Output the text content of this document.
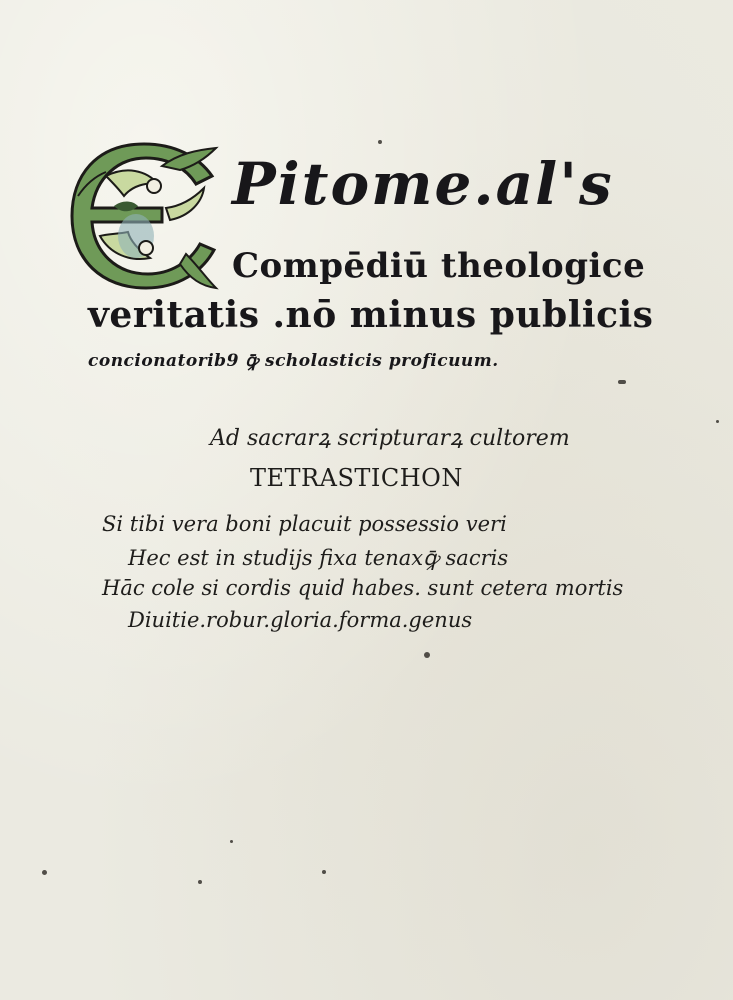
Pitome.al's

Compēdiū theologice

veritatis .nō minus publicis

concionatorib9 ꝙ̄ scholasticis proficuum.

Ad sacrarꝝ scripturarꝝ cultorem

TETRASTICHON

Si tibi vera boni placuit possessio veri

Hec est in studijs fixa tenaxꝙ̄ sacris

Hāc cole si cordis quid habes. sunt cetera mortis

Diuitie.robur.gloria.forma.genus
